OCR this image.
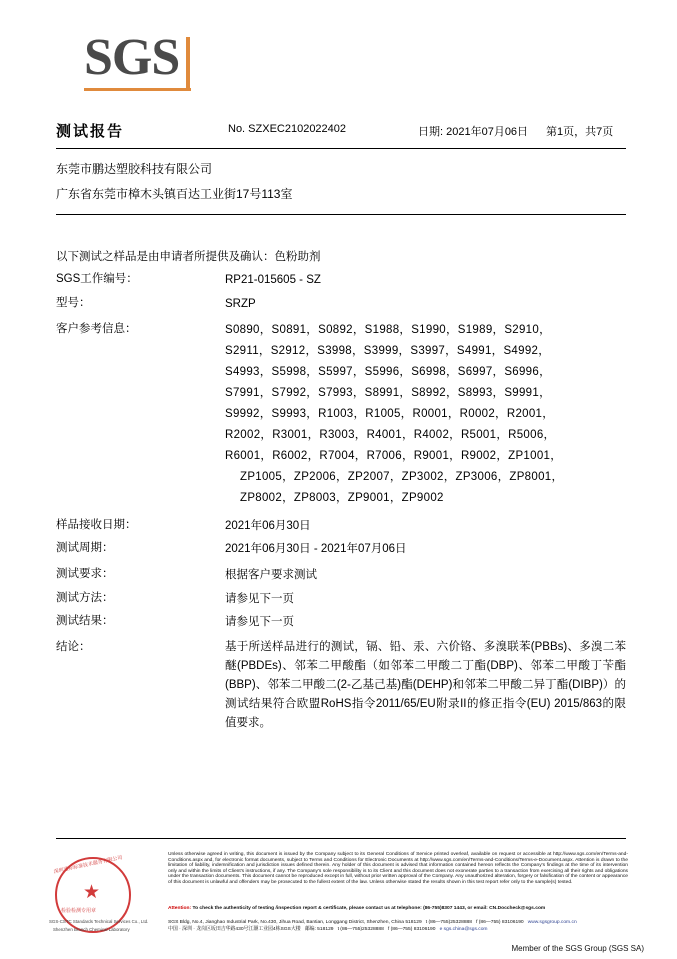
SGS
测试报告	No. SZXEC2102022402	日期: 2021年07月06日 第1页，共7页
东莞市鹏达塑胶科技有限公司
广东省东莞市樟木头镇百达工业街17号113室
以下测试之样品是由申请者所提供及确认：色粉助剂
SGS工作编号：	RP21-015605 - SZ
型号：	SRZP
客户参考信息：	S0890，S0891，S0892，S1988，S1990，S1989，S2910，
S2911，S2912，S3998，S3999，S3997，S4991，S4992，
S4993，S5998，S5997，S5996，S6998，S6997，S6996，
S7991，S7992，S7993，S8991，S8992，S8993，S9991，
S9992，S9993，R1003，R1005，R0001，R0002，R2001，
R2002，R3001，R3003，R4001，R4002，R5001，R5006，
R6001，R6002，R7004，R7006，R9001，R9002，ZP1001，
ZP1005，ZP2006，ZP2007，ZP3002，ZP3006，ZP8001，
ZP8002，ZP8003，ZP9001，ZP9002
样品接收日期：	2021年06月30日
测试周期：	2021年06月30日 - 2021年07月06日
测试要求：	根据客户要求测试
测试方法：	请参见下一页
测试结果：	请参见下一页
结论：	基于所送样品进行的测试，镉、铅、汞、六价铬、多溴联苯(PBBs)、多溴二苯醚(PBDEs)、邻苯二甲酸酯（如邻苯二甲酸二丁酯(DBP)、邻苯二甲酸丁苄酯(BBP)、邻苯二甲酸二(2-乙基己基)酯(DEHP)和邻苯二甲酸二异丁酯(DIBP)）的测试结果符合欧盟RoHS指令2011/65/EU附录II的修正指令(EU) 2015/863的限值要求。
★
深圳通标标准技术服务有限公司
检验检测专用章
SGS-CSTC Standards Technical Services Co., Ltd.
Shenzhen Branch Chemical Laboratory
Unless otherwise agreed in writing, this document is issued by the Company subject to its General Conditions of Service printed overleaf, available on request or accessible at http://www.sgs.com/en/Terms-and-Conditions.aspx and, for electronic format documents, subject to Terms and Conditions for Electronic Documents at http://www.sgs.com/en/Terms-and-Conditions/Terms-e-Document.aspx. Attention is drawn to the limitation of liability, indemnification and jurisdiction issues defined therein. Any holder of this document is advised that information contained hereon reflects the Company's findings at the time of its intervention only and within the limits of Client's instructions, if any. The Company's sole responsibility is to its Client and this document does not exonerate parties to a transaction from exercising all their rights and obligations under the transaction documents. This document cannot be reproduced except in full, without prior written approval of the Company. Any unauthorized alteration, forgery or falsification of the content or appearance of this document is unlawful and offenders may be prosecuted to the fullest extent of the law. Unless otherwise stated the results shown in this test report refer only to the sample(s) tested.
Attention: To check the authenticity of testing /inspection report & certificate, please contact us at telephone: (86-755)8307 1443, or email: CN.Doccheck@sgs.com
SGS Bldg, No.4, Jianghao Industrial Park, No.430, Jihua Road, Bantian, Longgang District, Shenzhen, China 518129 t (86—755)25328888 f (86—755) 83106190 www.sgsgroup.com.cn
中国 · 深圳 · 龙岗区坂田吉华路430号江灏工业园4栋SGS大楼 邮编: 518129 t (86—755)25328888 f (86—755) 83106190 e sgs.china@sgs.com
Member of the SGS Group (SGS SA)
